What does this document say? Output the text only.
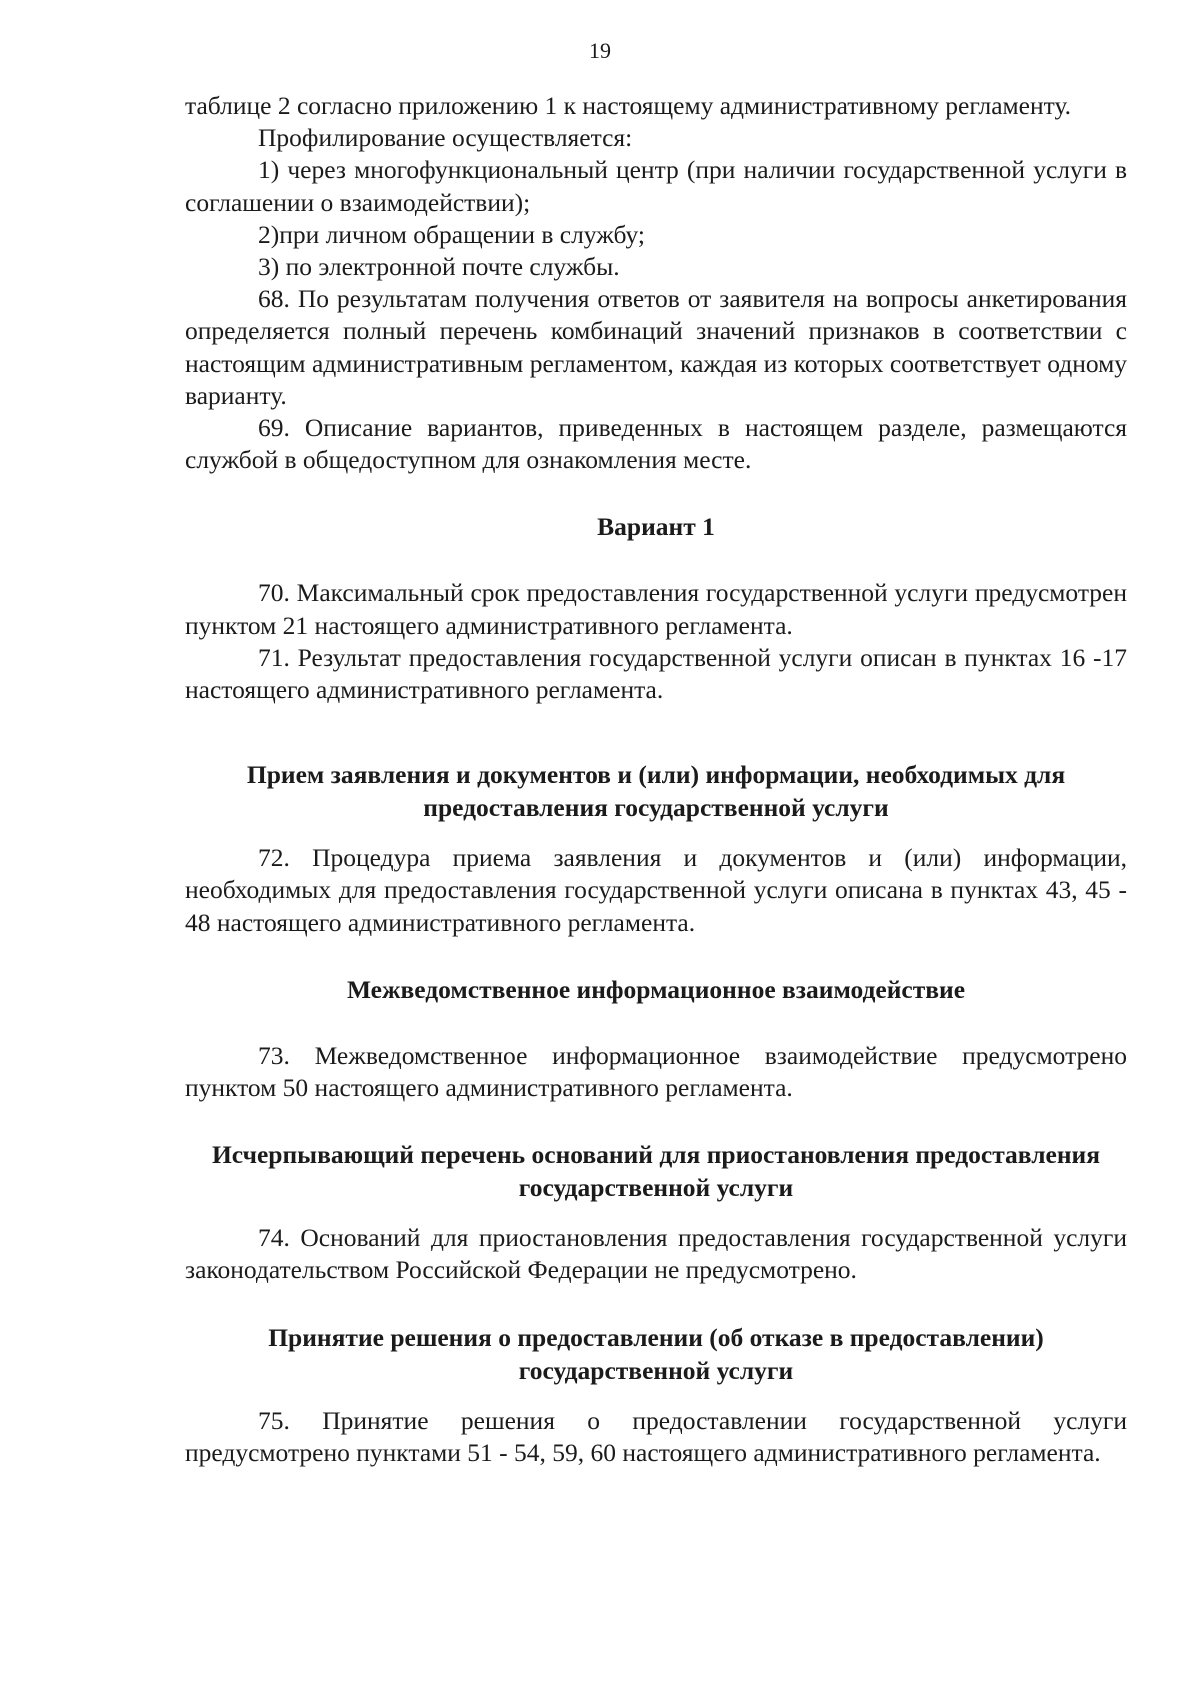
19

таблице 2 согласно приложению 1 к настоящему административному регламенту.

Профилирование осуществляется:

1) через многофункциональный центр (при наличии государственной услуги в соглашении о взаимодействии);

2)при личном обращении в службу;

3) по электронной почте службы.

68. По результатам получения ответов от заявителя на вопросы анкетирования определяется полный перечень комбинаций значений признаков в соответствии с настоящим административным регламентом, каждая из которых соответствует одному варианту.

69. Описание вариантов, приведенных в настоящем разделе, размещаются службой в общедоступном для ознакомления месте.

Вариант 1

70. Максимальный срок предоставления государственной услуги предусмотрен пунктом 21 настоящего административного регламента.

71. Результат предоставления государственной услуги описан в пунктах 16 -17 настоящего административного регламента.

Прием заявления и документов и (или) информации, необходимых для предоставления государственной услуги

72. Процедура приема заявления и документов и (или) информации, необходимых для предоставления государственной услуги описана в пунктах 43, 45 - 48 настоящего административного регламента.

Межведомственное информационное взаимодействие

73. Межведомственное информационное взаимодействие предусмотрено пунктом 50 настоящего административного регламента.

Исчерпывающий перечень оснований для приостановления предоставления государственной услуги

74. Оснований для приостановления предоставления государственной услуги законодательством Российской Федерации не предусмотрено.

Принятие решения о предоставлении (об отказе в предоставлении) государственной услуги

75. Принятие решения о предоставлении государственной услуги предусмотрено пунктами 51 - 54, 59, 60 настоящего административного регламента.
